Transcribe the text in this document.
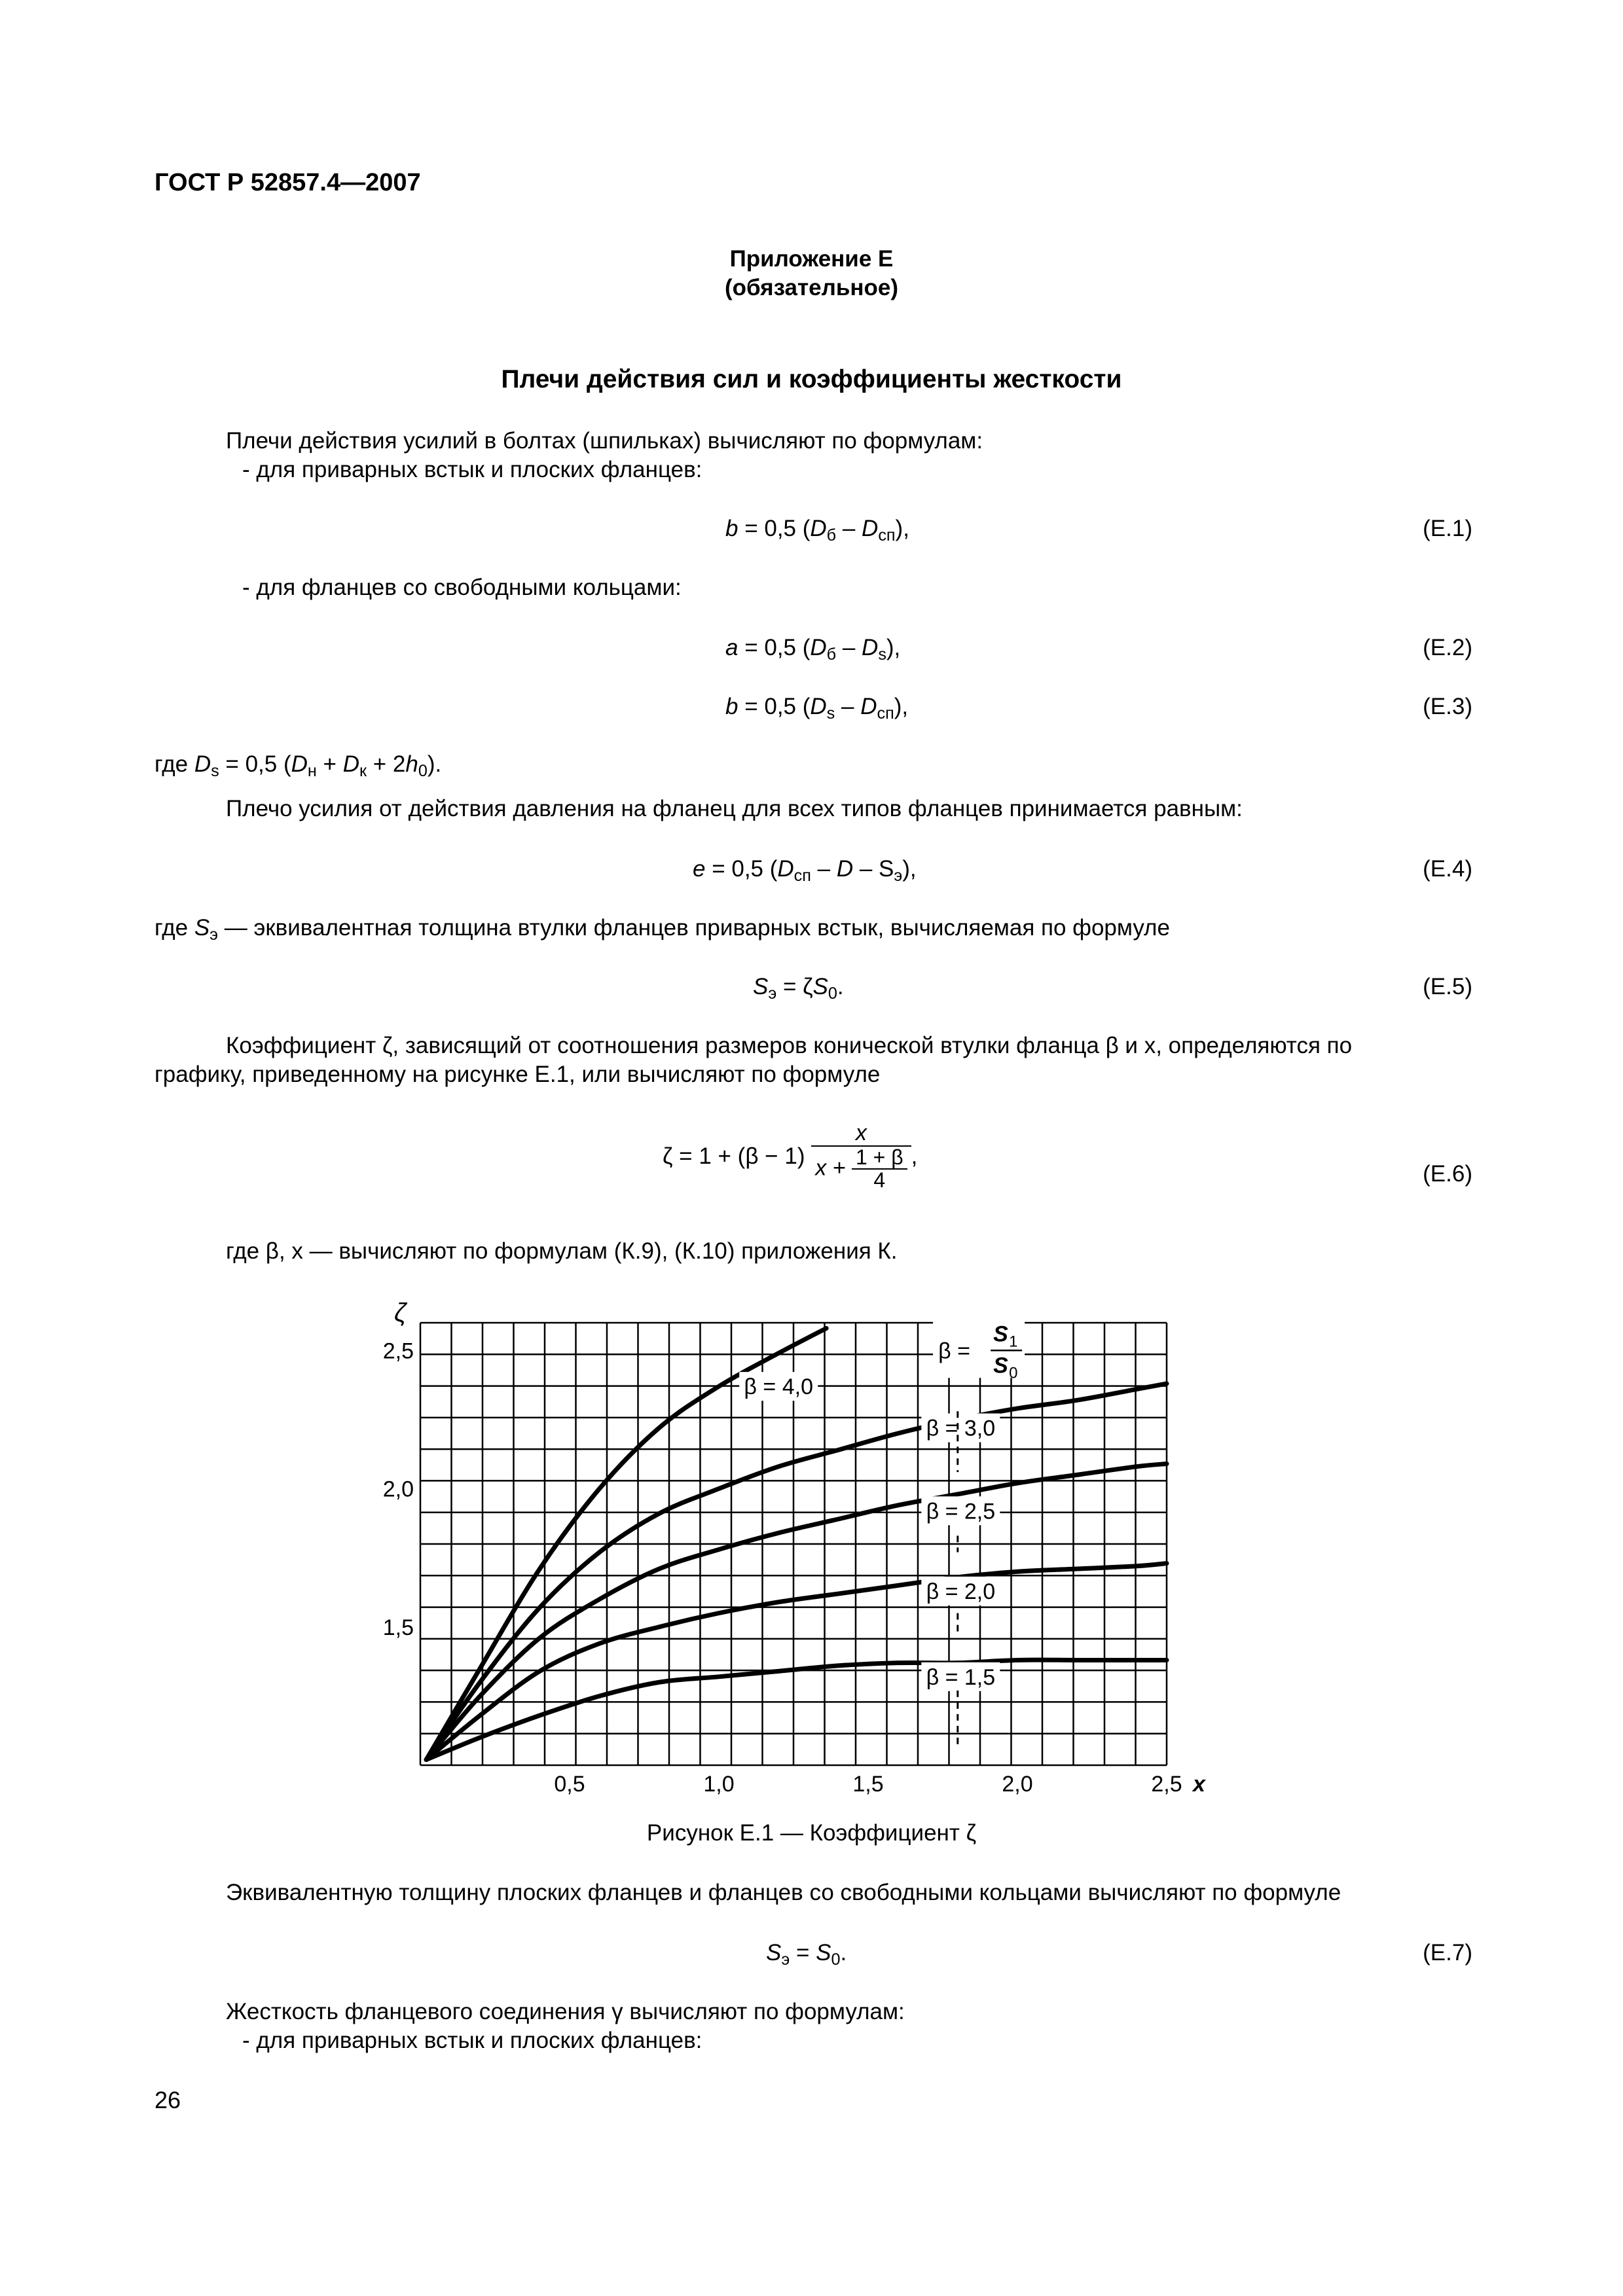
ГОСТ Р 52857.4—2007
Приложение Е
(обязательное)
Плечи действия сил и коэффициенты жесткости
Плечи действия усилий в болтах (шпильках) вычисляют по формулам:
- для приварных встык и плоских фланцев:
b = 0,5 $(D_б - D_{сп})$,	(Е.1)
- для фланцев со свободными кольцами:
a = 0,5 $(D_б - D_s)$,	(Е.2)
b = 0,5 $(D_s - D_{сп})$,	(Е.3)
где $D_s = 0,5$ $(D_н + D_к + 2h_0)$.
Плечо усилия от действия давления на фланец для всех типов фланцев принимается равным:
e = 0,5 ($D_{сп}$ – D – $S_э$),	(Е.4)
где $S_э$ — эквивалентная толщина втулки фланцев приварных встык, вычисляемая по формуле
$S_э = \zeta S_0$.	(Е.5)
Коэффициент ζ, зависящий от соотношения размеров конической втулки фланца β и x, определяются по
графику, приведенному на рисунке Е.1, или вычисляют по формуле
$\zeta = 1 + (\beta - 1) \frac{x}{x + \frac{1 + \beta}{4}}$ ,
(Е.6)
где β, x — вычисляют по формулам (К.9), (К.10) приложения К.
β = 4,0
β = 3,0
β = 2,5
β = 2,0
β = 1,5
β =
S 1
S 0
0,5	1,0	1,5	2,0	2,5 x
1,5
2,0
2,5
ζ
Рисунок Е.1 — Коэффициент ζ
Эквивалентную толщину плоских фланцев и фланцев со свободными кольцами вычисляют по формуле
$S_э = S_0$.	(Е.7)
Жесткость фланцевого соединения γ вычисляют по формулам:
- для приварных встык и плоских фланцев:
26
